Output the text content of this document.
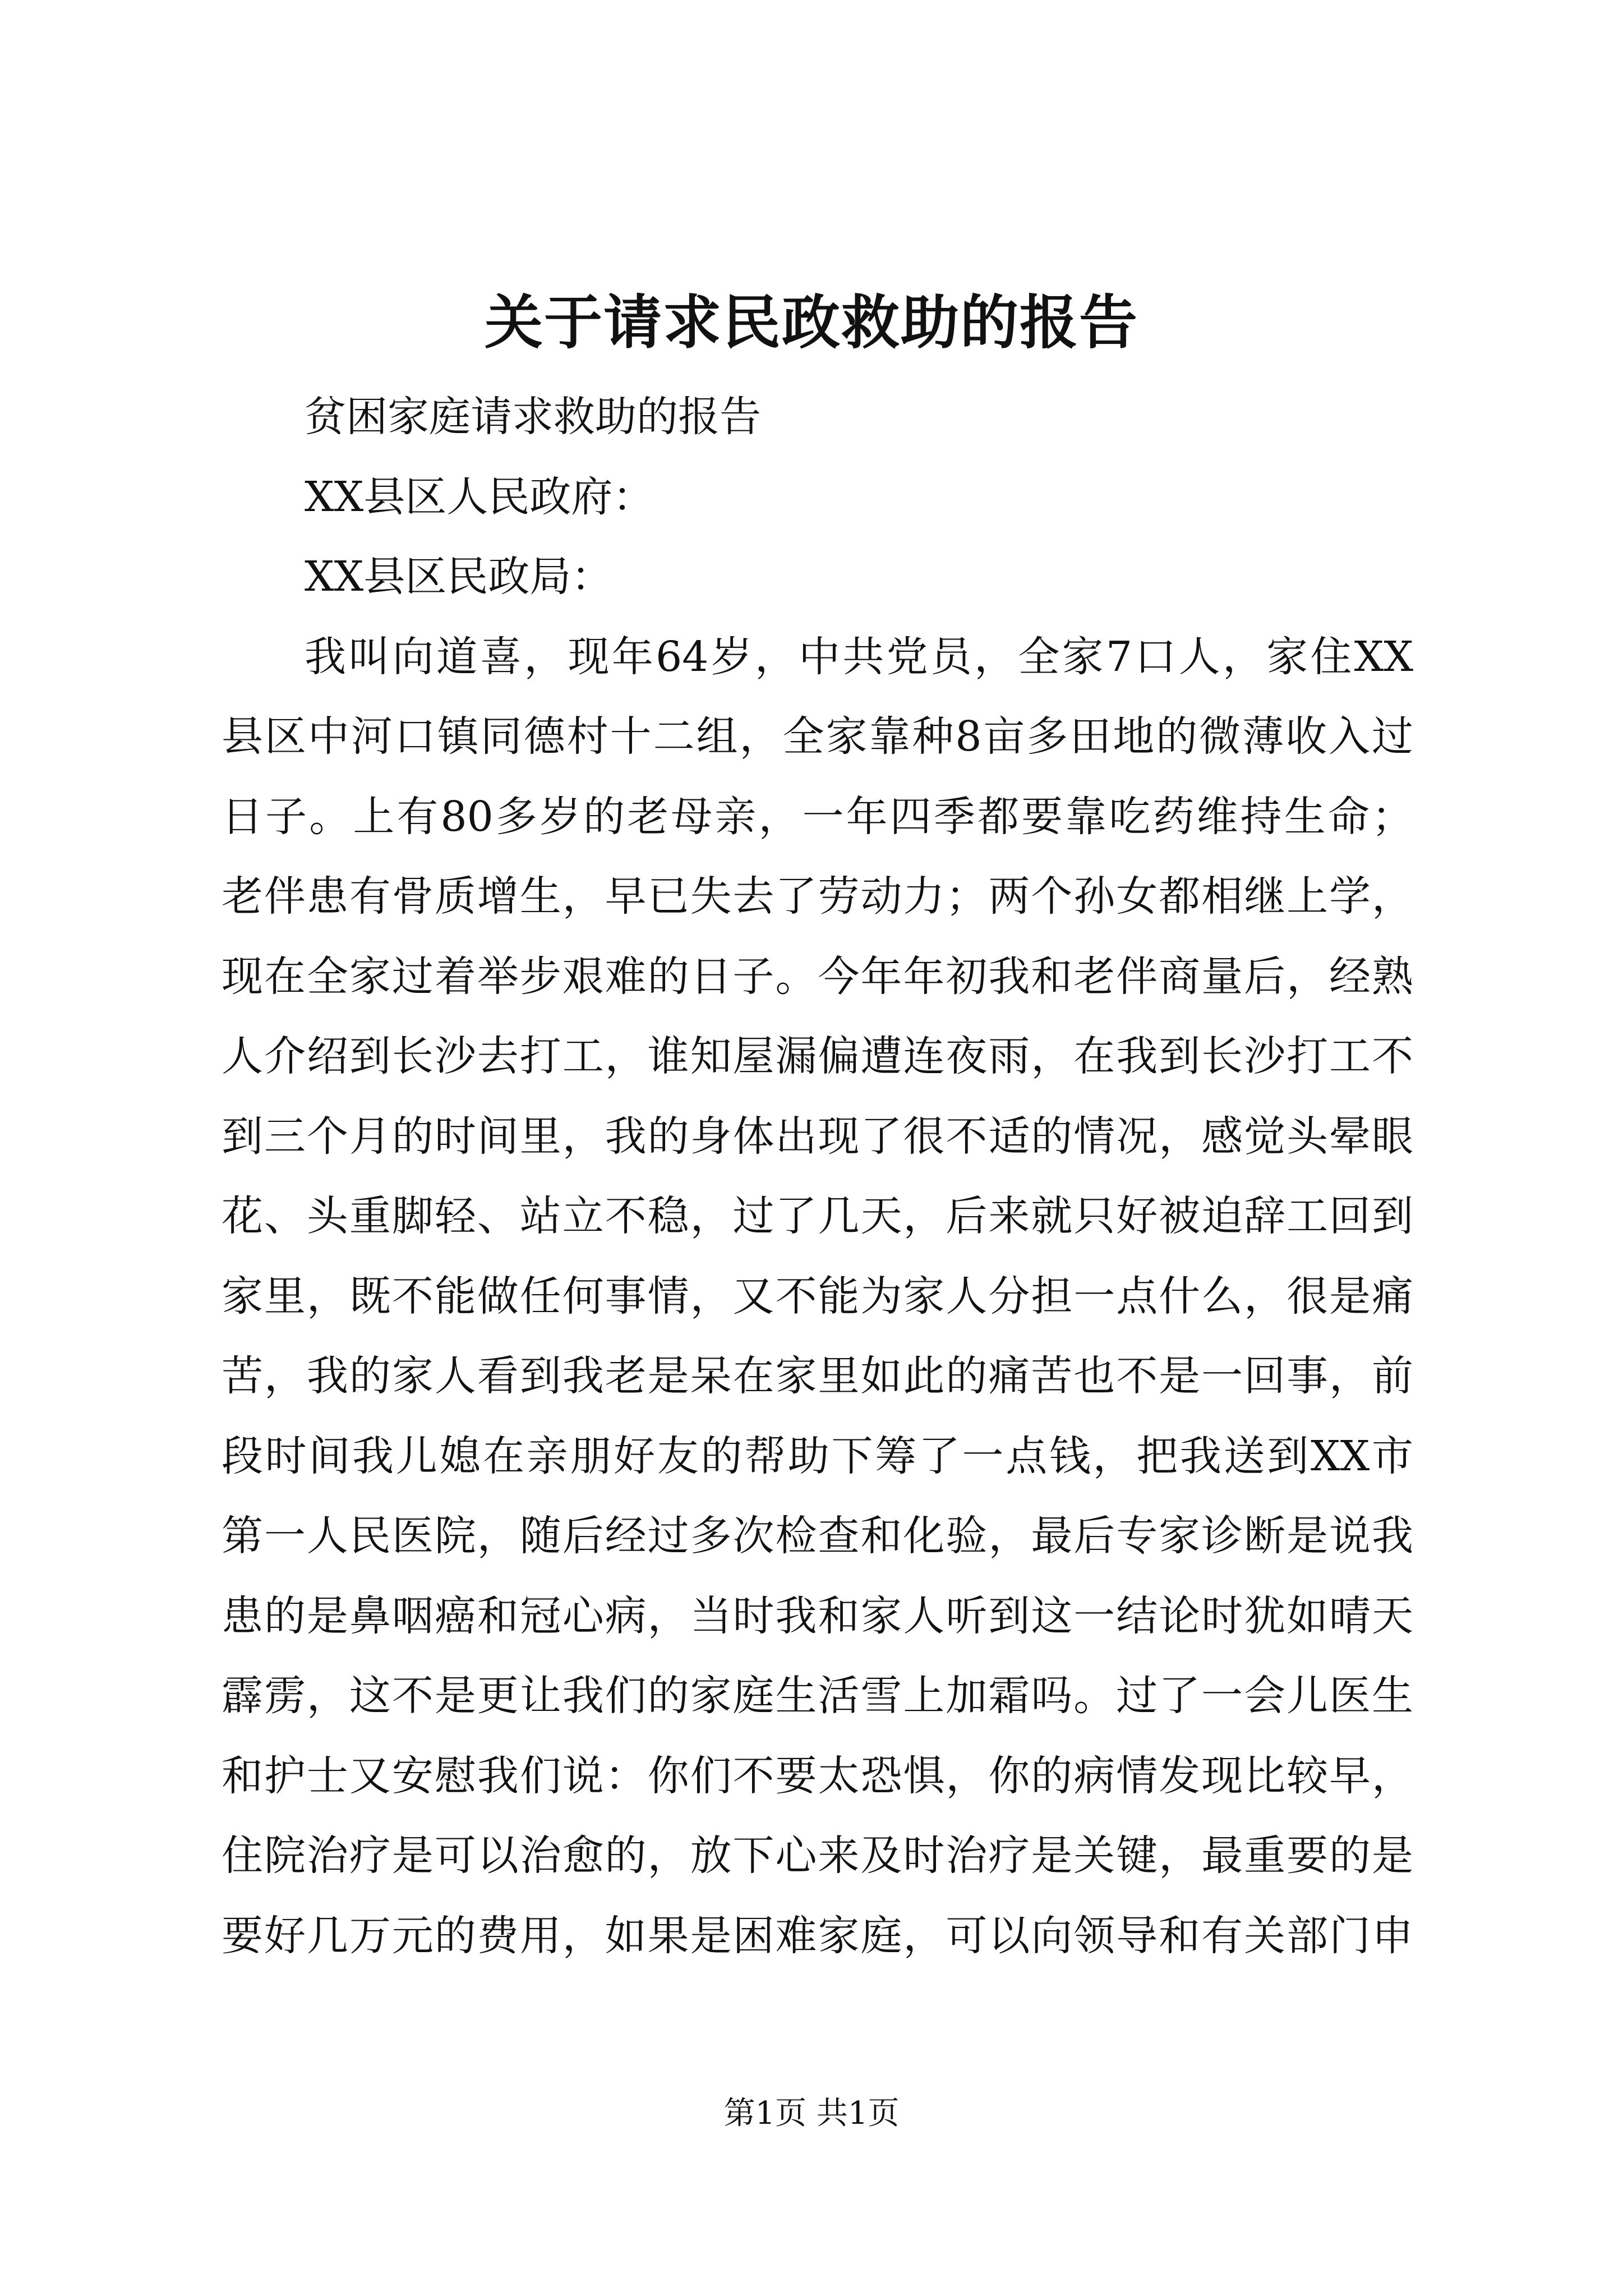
关于请求民政救助的报告
贫困家庭请求救助的报告
XX县区人民政府：
XX县区民政局：
我叫向道喜，现年64岁，中共党员，全家7口人，家住XX
县区中河口镇同德村十二组，全家靠种8亩多田地的微薄收入过
日子。上有80多岁的老母亲，一年四季都要靠吃药维持生命；
老伴患有骨质增生，早已失去了劳动力；两个孙女都相继上学，
现在全家过着举步艰难的日子。今年年初我和老伴商量后，经熟
人介绍到长沙去打工，谁知屋漏偏遭连夜雨，在我到长沙打工不
到三个月的时间里，我的身体出现了很不适的情况，感觉头晕眼
花、头重脚轻、站立不稳，过了几天，后来就只好被迫辞工回到
家里，既不能做任何事情，又不能为家人分担一点什么，很是痛
苦，我的家人看到我老是呆在家里如此的痛苦也不是一回事，前
段时间我儿媳在亲朋好友的帮助下筹了一点钱，把我送到XX市
第一人民医院，随后经过多次检查和化验，最后专家诊断是说我
患的是鼻咽癌和冠心病，当时我和家人听到这一结论时犹如晴天
霹雳，这不是更让我们的家庭生活雪上加霜吗。过了一会儿医生
和护士又安慰我们说：你们不要太恐惧，你的病情发现比较早，
住院治疗是可以治愈的，放下心来及时治疗是关键，最重要的是
要好几万元的费用，如果是困难家庭，可以向领导和有关部门申
第1页 共1页
